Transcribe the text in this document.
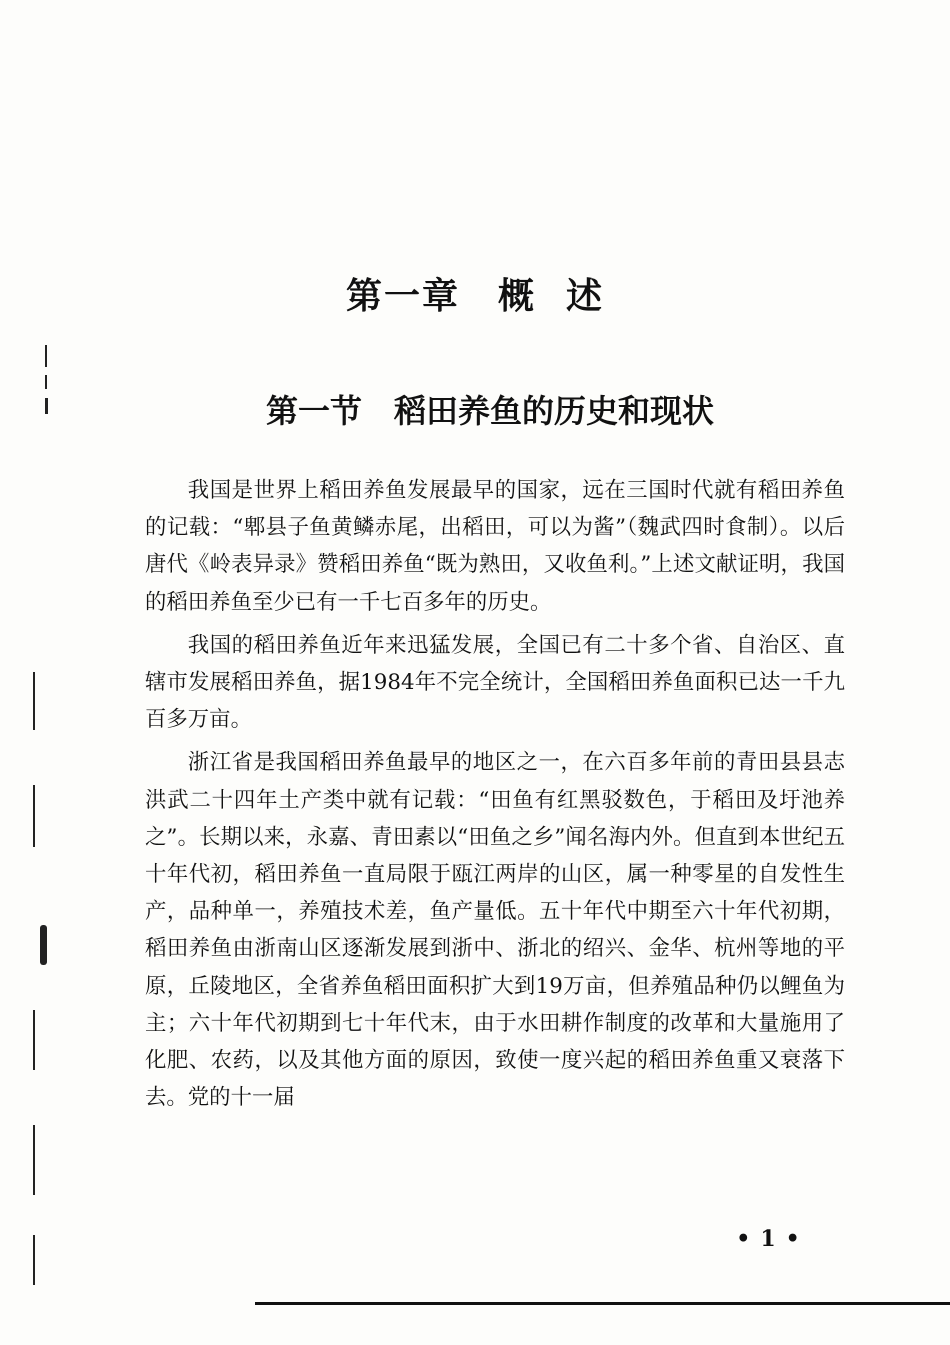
第一章 概 述
第一节 稻田养鱼的历史和现状

我国是世界上稻田养鱼发展最早的国家，远在三国时代就有稻田养鱼的记载：“郫县子鱼黄鳞赤尾，出稻田，可以为酱”（魏武四时食制）。以后唐代《岭表异录》赞稻田养鱼“既为熟田，又收鱼利。”上述文献证明，我国的稻田养鱼至少已有一千七百多年的历史。

我国的稻田养鱼近年来迅猛发展，全国已有二十多个省、自治区、直辖市发展稻田养鱼，据1984年不完全统计，全国稻田养鱼面积已达一千九百多万亩。

浙江省是我国稻田养鱼最早的地区之一，在六百多年前的青田县县志洪武二十四年土产类中就有记载：“田鱼有红黑驳数色，于稻田及圩池养之”。长期以来，永嘉、青田素以“田鱼之乡”闻名海内外。但直到本世纪五十年代初，稻田养鱼一直局限于瓯江两岸的山区，属一种零星的自发性生产，品种单一，养殖技术差，鱼产量低。五十年代中期至六十年代初期，稻田养鱼由浙南山区逐渐发展到浙中、浙北的绍兴、金华、杭州等地的平原，丘陵地区，全省养鱼稻田面积扩大到19万亩，但养殖品种仍以鲤鱼为主；六十年代初期到七十年代末，由于水田耕作制度的改革和大量施用了化肥、农药，以及其他方面的原因，致使一度兴起的稻田养鱼重又衰落下去。党的十一届

•1•
